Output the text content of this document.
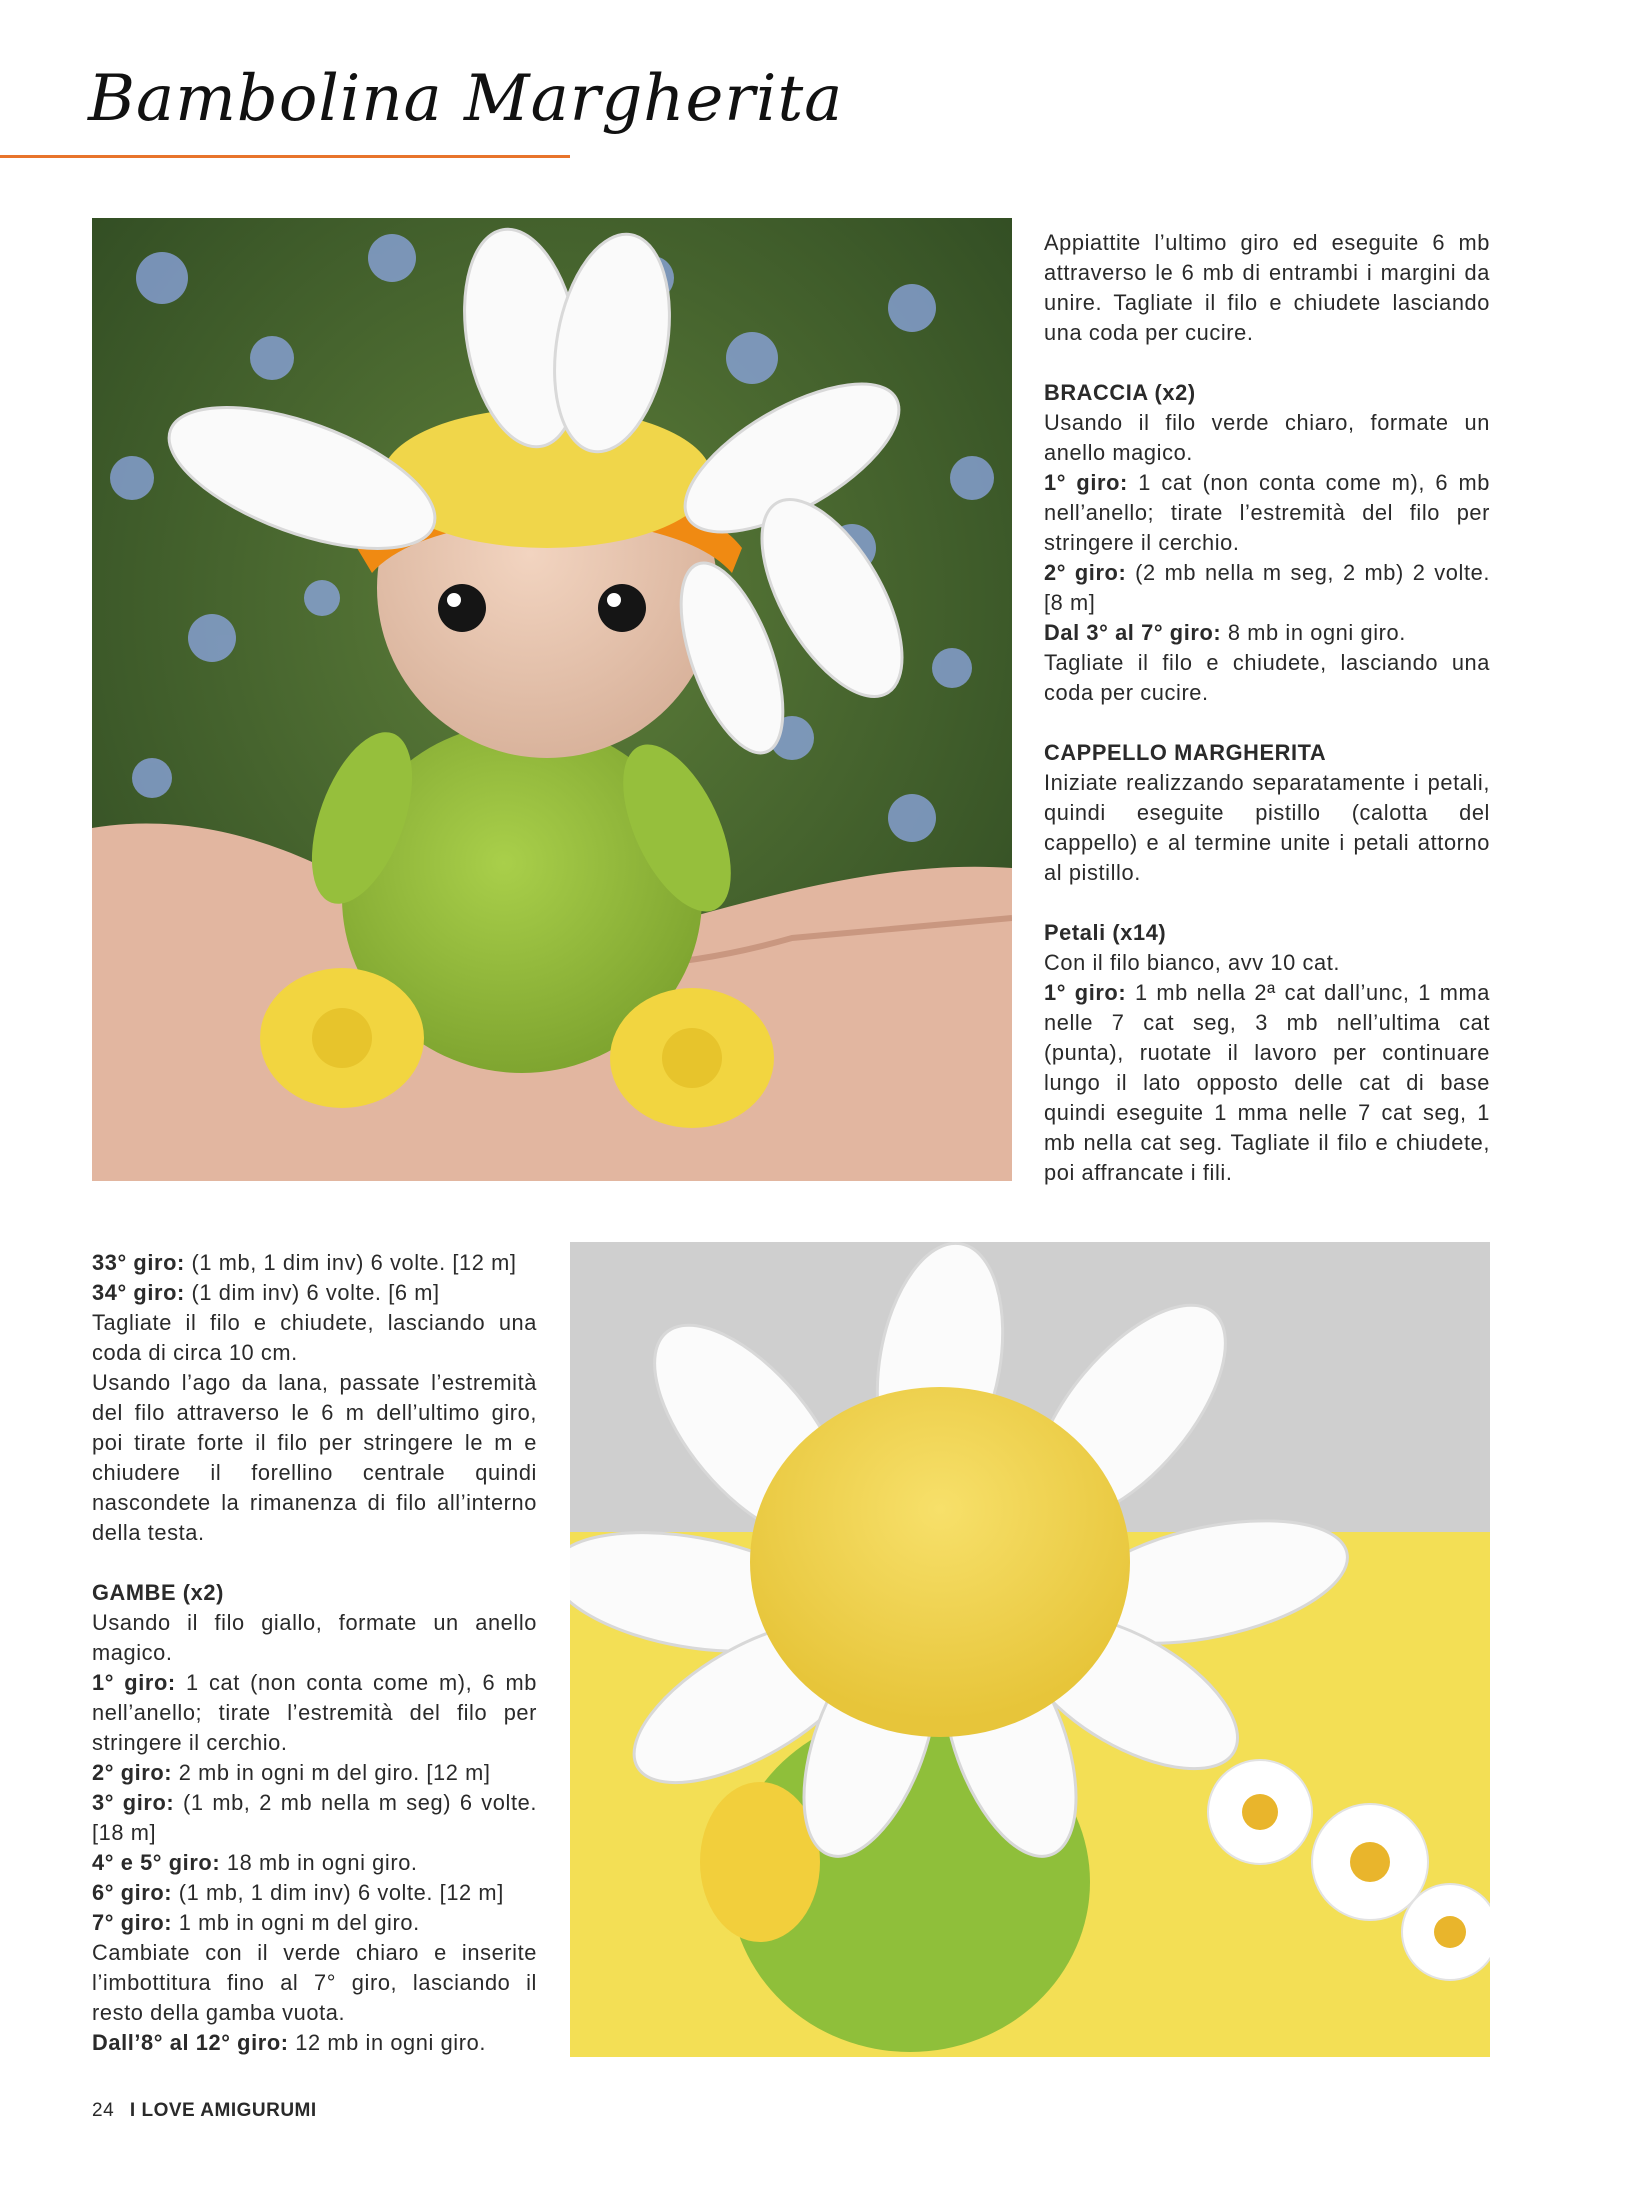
Bambolina Margherita

Appiattite l’ultimo giro ed eseguite 6 mb attraverso le 6 mb di entrambi i margini da unire. Tagliate il filo e chiudete lasciando una coda per cucire.

BRACCIA (x2)

Usando il filo verde chiaro, formate un anello magico.

1° giro: 1 cat (non conta come m), 6 mb nell’anello; tirate l’estremità del filo per stringere il cerchio.

2° giro: (2 mb nella m seg, 2 mb) 2 volte. [8 m]

Dal 3° al 7° giro: 8 mb in ogni giro.

Tagliate il filo e chiudete, lasciando una coda per cucire.

CAPPELLO MARGHERITA

Iniziate realizzando separatamente i petali, quindi eseguite pistillo (calotta del cappello) e al termine unite i petali attorno al pistillo.

Petali (x14)

Con il filo bianco, avv 10 cat.

1° giro: 1 mb nella 2ª cat dall’unc, 1 mma nelle 7 cat seg, 3 mb nell’ultima cat (punta), ruotate il lavoro per continuare lungo il lato opposto delle cat di base quindi eseguite 1 mma nelle 7 cat seg, 1 mb nella cat seg. Tagliate il filo e chiudete, poi affrancate i fili.

33° giro: (1 mb, 1 dim inv) 6 volte. [12 m]

34° giro: (1 dim inv) 6 volte. [6 m]

Tagliate il filo e chiudete, lasciando una coda di circa 10 cm.

Usando l’ago da lana, passate l’estremità del filo attraverso le 6 m dell’ultimo giro, poi tirate forte il filo per stringere le m e chiudere il forellino centrale quindi nascondete la rimanenza di filo all’interno della testa.

GAMBE (x2)

Usando il filo giallo, formate un anello magico.

1° giro: 1 cat (non conta come m), 6 mb nell’anello; tirate l’estremità del filo per stringere il cerchio.

2° giro: 2 mb in ogni m del giro. [12 m]

3° giro: (1 mb, 2 mb nella m seg) 6 volte. [18 m]

4° e 5° giro: 18 mb in ogni giro.

6° giro: (1 mb, 1 dim inv) 6 volte. [12 m]

7° giro: 1 mb in ogni m del giro.

Cambiate con il verde chiaro e inserite l’imbottitura fino al 7° giro, lasciando il resto della gamba vuota.

Dall’8° al 12° giro: 12 mb in ogni giro.

24 I LOVE AMIGURUMI
